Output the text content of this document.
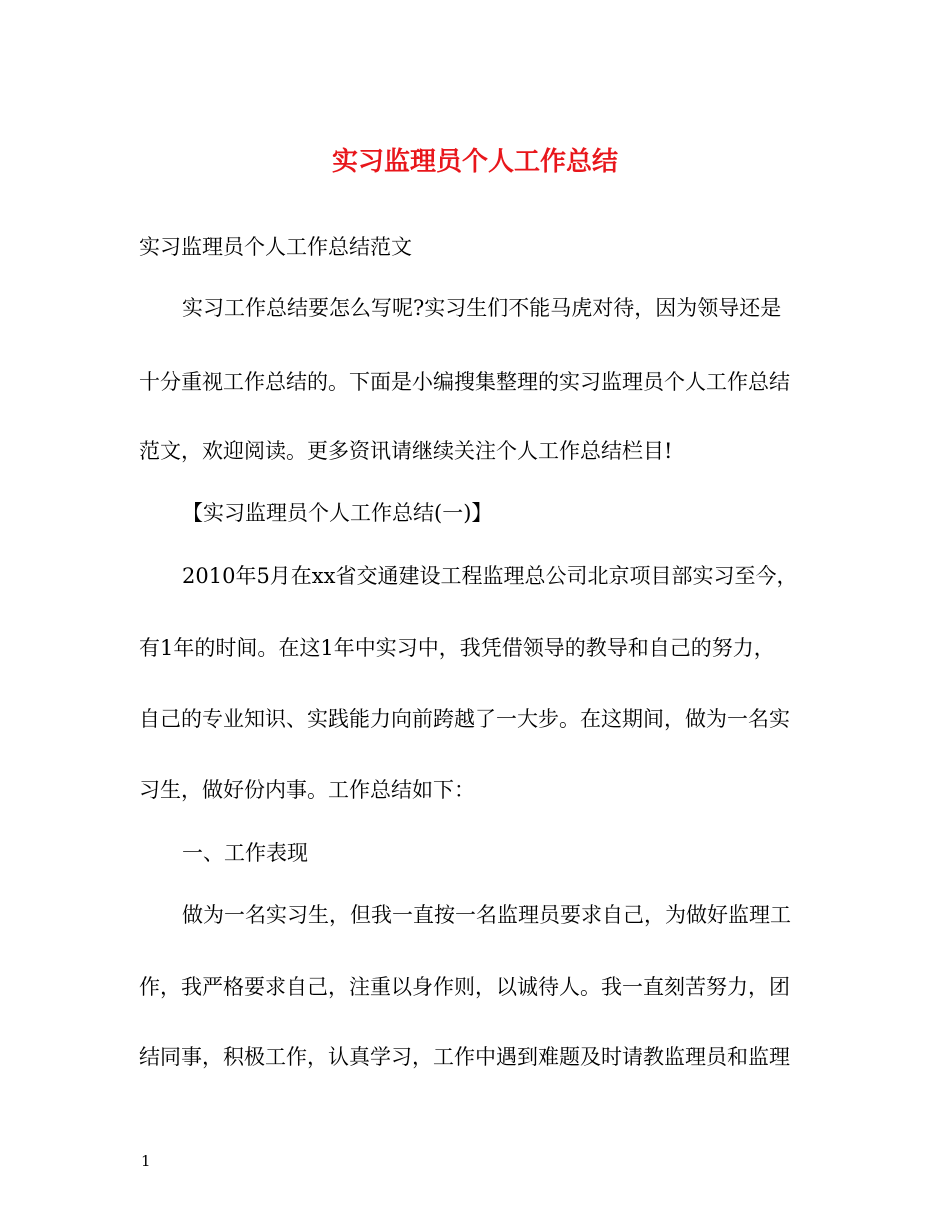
实习监理员个人工作总结

实习监理员个人工作总结范文

实习工作总结要怎么写呢?实习生们不能马虎对待，因为领导还是

十分重视工作总结的。下面是小编搜集整理的实习监理员个人工作总结

范文，欢迎阅读。更多资讯请继续关注个人工作总结栏目!

【实习监理员个人工作总结(一)】

2010年5月在xx省交通建设工程监理总公司北京项目部实习至今，

有1年的时间。在这1年中实习中，我凭借领导的教导和自己的努力，

自己的专业知识、实践能力向前跨越了一大步。在这期间，做为一名实

习生，做好份内事。工作总结如下：

一、工作表现

做为一名实习生，但我一直按一名监理员要求自己，为做好监理工

作，我严格要求自己，注重以身作则，以诚待人。我一直刻苦努力，团

结同事，积极工作，认真学习，工作中遇到难题及时请教监理员和监理

1
